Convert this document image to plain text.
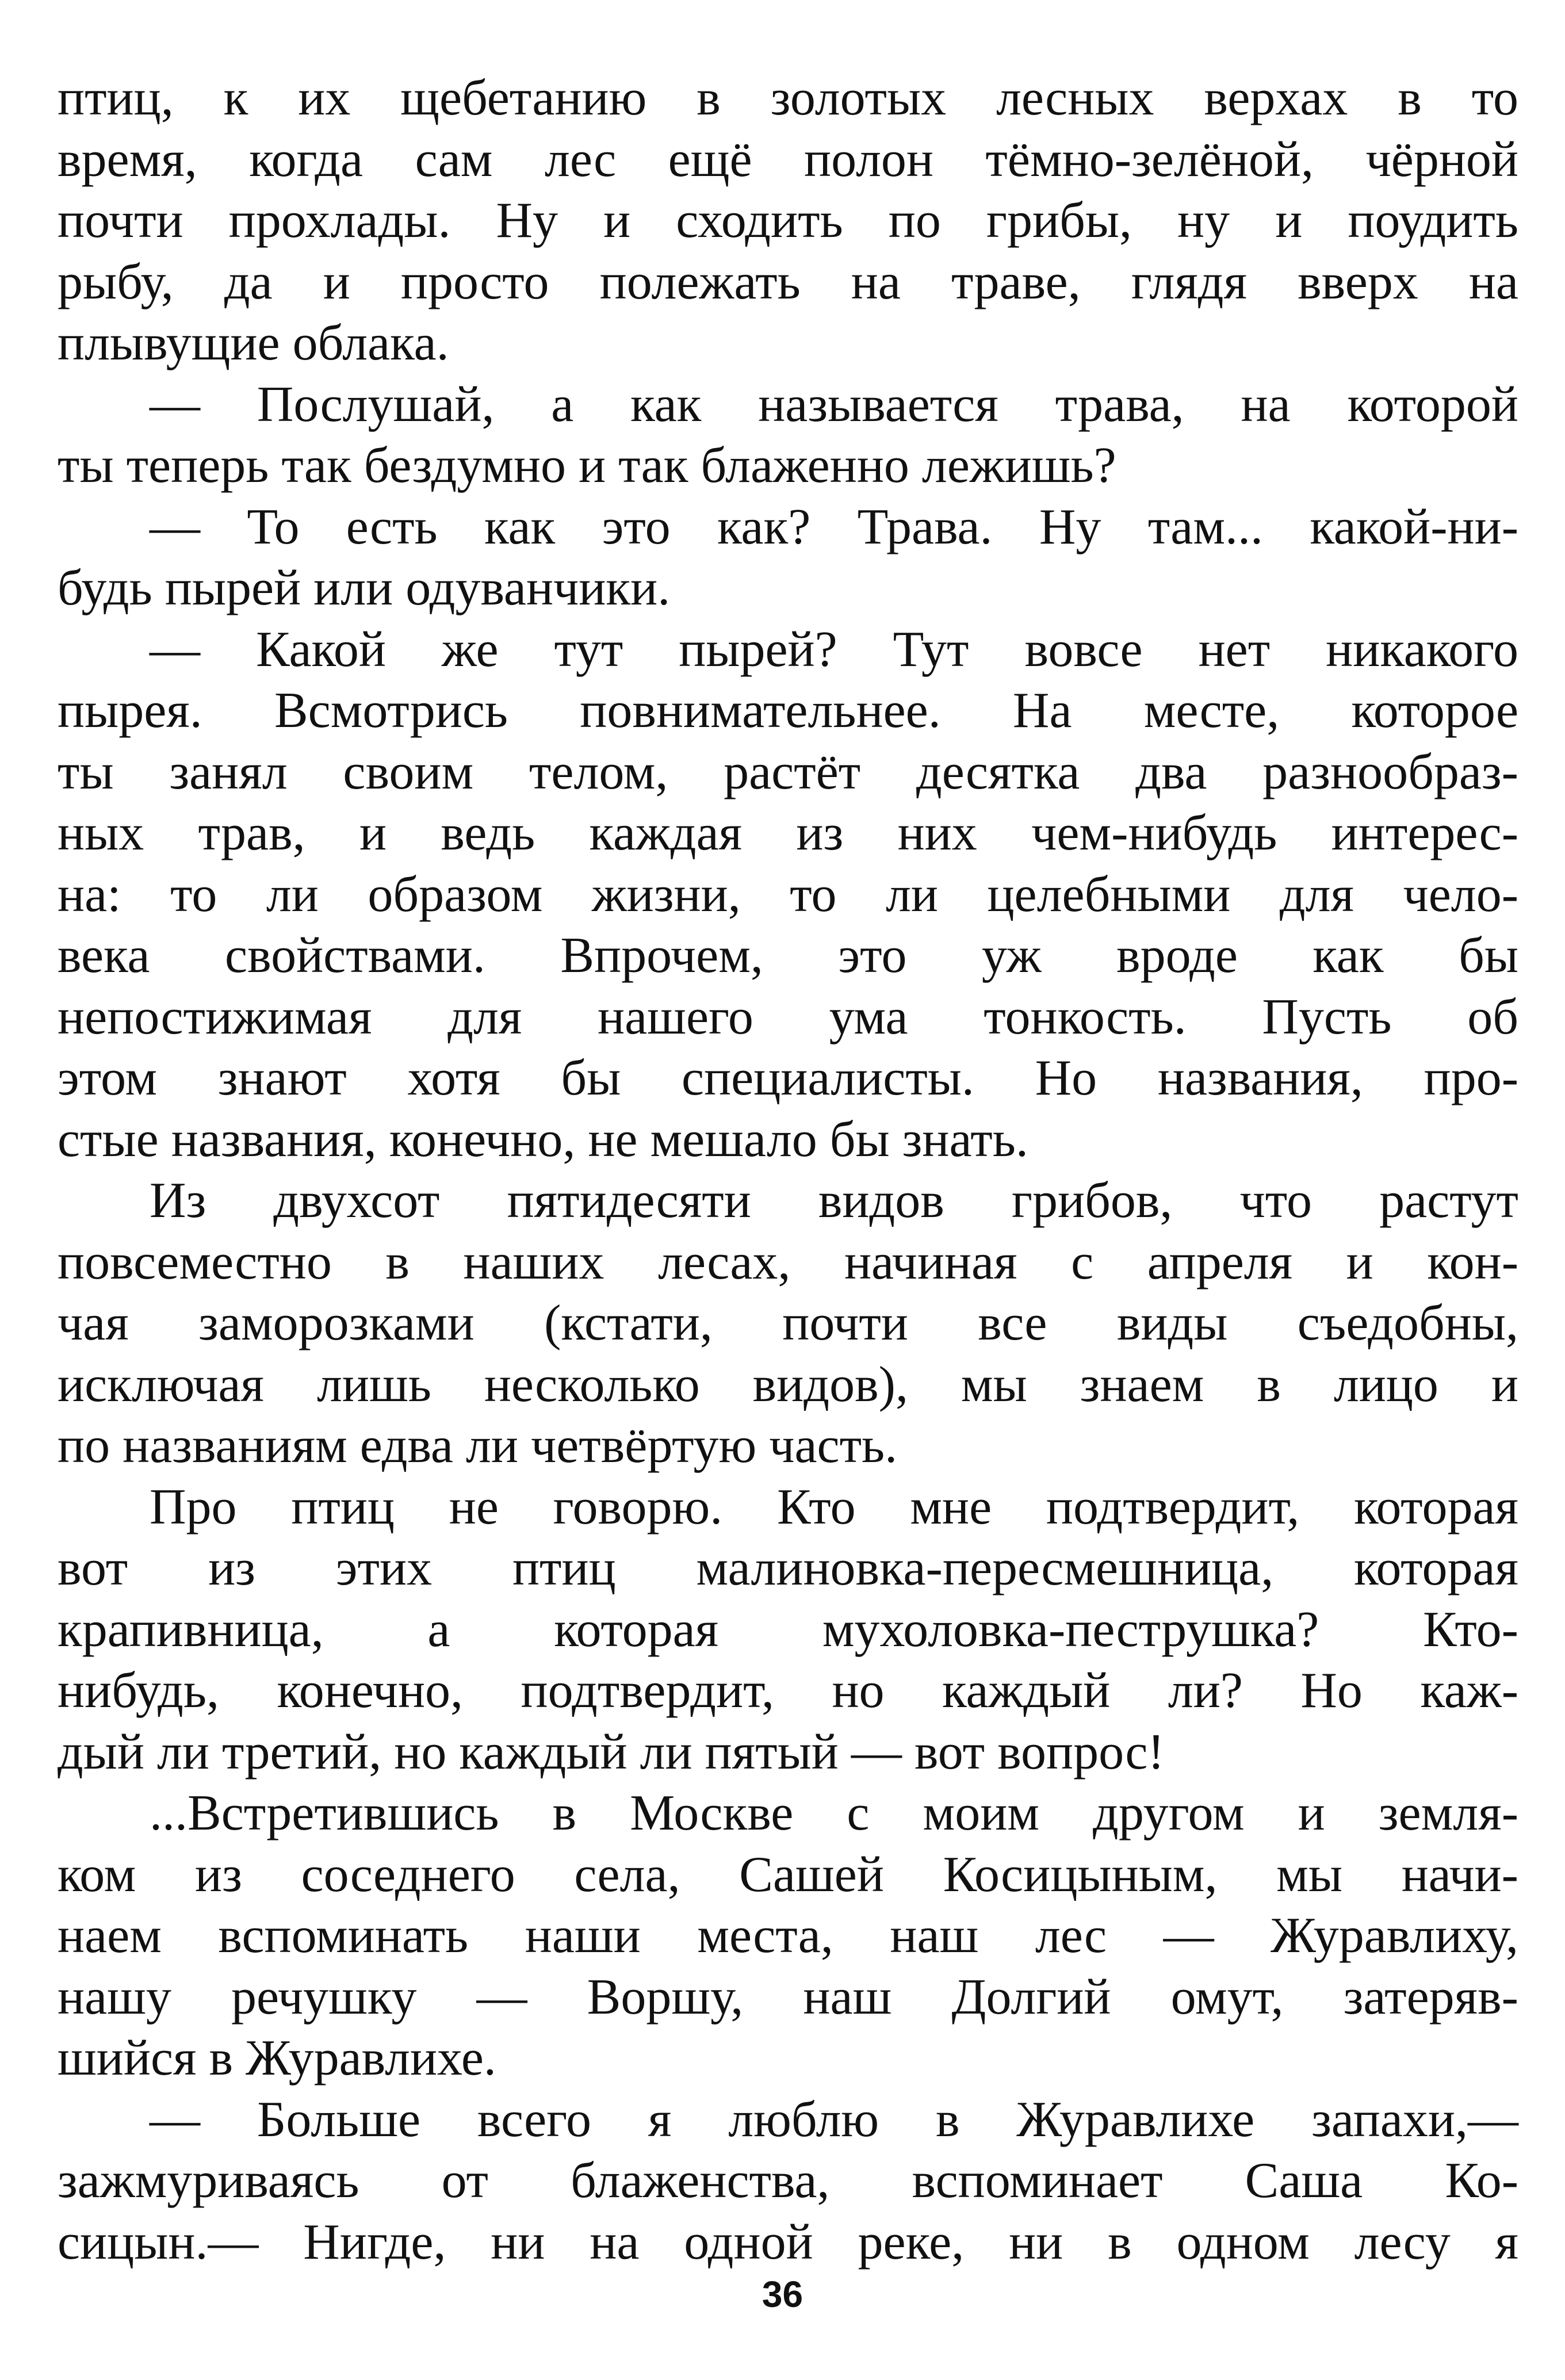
птиц, к их щебетанию в золотых лесных верхах в то
время, когда сам лес ещё полон тёмно-зелёной, чёрной
почти прохлады. Ну и сходить по грибы, ну и поудить
рыбу, да и просто полежать на траве, глядя вверх на
плывущие облака.
— Послушай, а как называется трава, на которой
ты теперь так бездумно и так блаженно лежишь?
— То есть как это как? Трава. Ну там... какой-ни-
будь пырей или одуванчики.
— Какой же тут пырей? Тут вовсе нет никакого
пырея. Всмотрись повнимательнее. На месте, которое
ты занял своим телом, растёт десятка два разнообраз-
ных трав, и ведь каждая из них чем-нибудь интерес-
на: то ли образом жизни, то ли целебными для чело-
века свойствами. Впрочем, это уж вроде как бы
непостижимая для нашего ума тонкость. Пусть об
этом знают хотя бы специалисты. Но названия, про-
стые названия, конечно, не мешало бы знать.
Из двухсот пятидесяти видов грибов, что растут
повсеместно в наших лесах, начиная с апреля и кон-
чая заморозками (кстати, почти все виды съедобны,
исключая лишь несколько видов), мы знаем в лицо и
по названиям едва ли четвёртую часть.
Про птиц не говорю. Кто мне подтвердит, которая
вот из этих птиц малиновка-пересмешница, которая
крапивница, а которая мухоловка-пеструшка? Кто-
нибудь, конечно, подтвердит, но каждый ли? Но каж-
дый ли третий, но каждый ли пятый — вот вопрос!
...Встретившись в Москве с моим другом и земля-
ком из соседнего села, Сашей Косицыным, мы начи-
наем вспоминать наши места, наш лес — Журавлиху,
нашу речушку — Воршу, наш Долгий омут, затеряв-
шийся в Журавлихе.
— Больше всего я люблю в Журавлихе запахи,—
зажмуриваясь от блаженства, вспоминает Саша Ко-
сицын.— Нигде, ни на одной реке, ни в одном лесу я
36
